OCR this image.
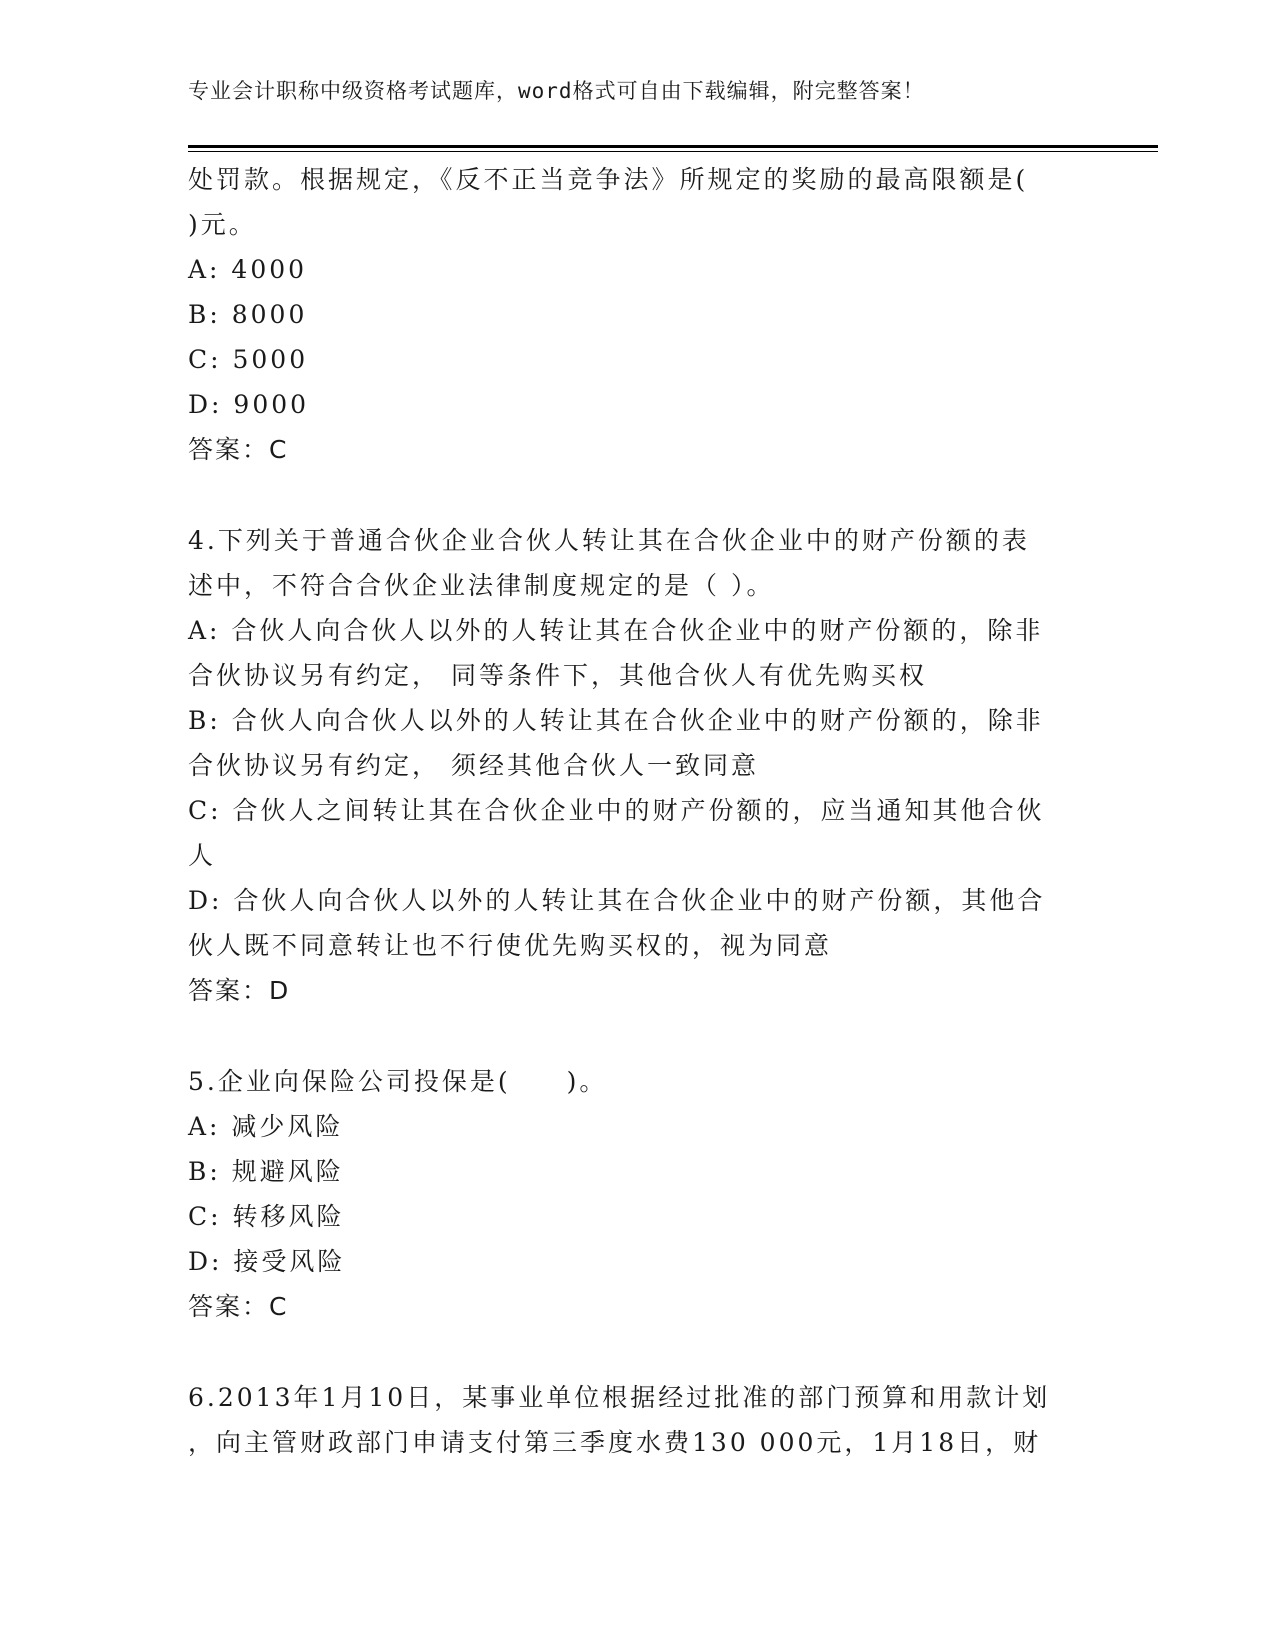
专业会计职称中级资格考试题库，word格式可自由下载编辑，附完整答案！
处罚款。根据规定，《反不正当竞争法》所规定的奖励的最高限额是(
)元。
A: 4000
B: 8000
C: 5000
D: 9000
答案：C
4.下列关于普通合伙企业合伙人转让其在合伙企业中的财产份额的表
述中，不符合合伙企业法律制度规定的是（ ）。
A: 合伙人向合伙人以外的人转让其在合伙企业中的财产份额的，除非
合伙协议另有约定， 同等条件下，其他合伙人有优先购买权
B: 合伙人向合伙人以外的人转让其在合伙企业中的财产份额的，除非
合伙协议另有约定， 须经其他合伙人一致同意
C: 合伙人之间转让其在合伙企业中的财产份额的，应当通知其他合伙
人
D: 合伙人向合伙人以外的人转让其在合伙企业中的财产份额，其他合
伙人既不同意转让也不行使优先购买权的，视为同意
答案：D
5.企业向保险公司投保是(　　)。
A: 减少风险
B: 规避风险
C: 转移风险
D: 接受风险
答案：C
6.2013年1月10日，某事业单位根据经过批准的部门预算和用款计划
，向主管财政部门申请支付第三季度水费130 000元，1月18日，财
